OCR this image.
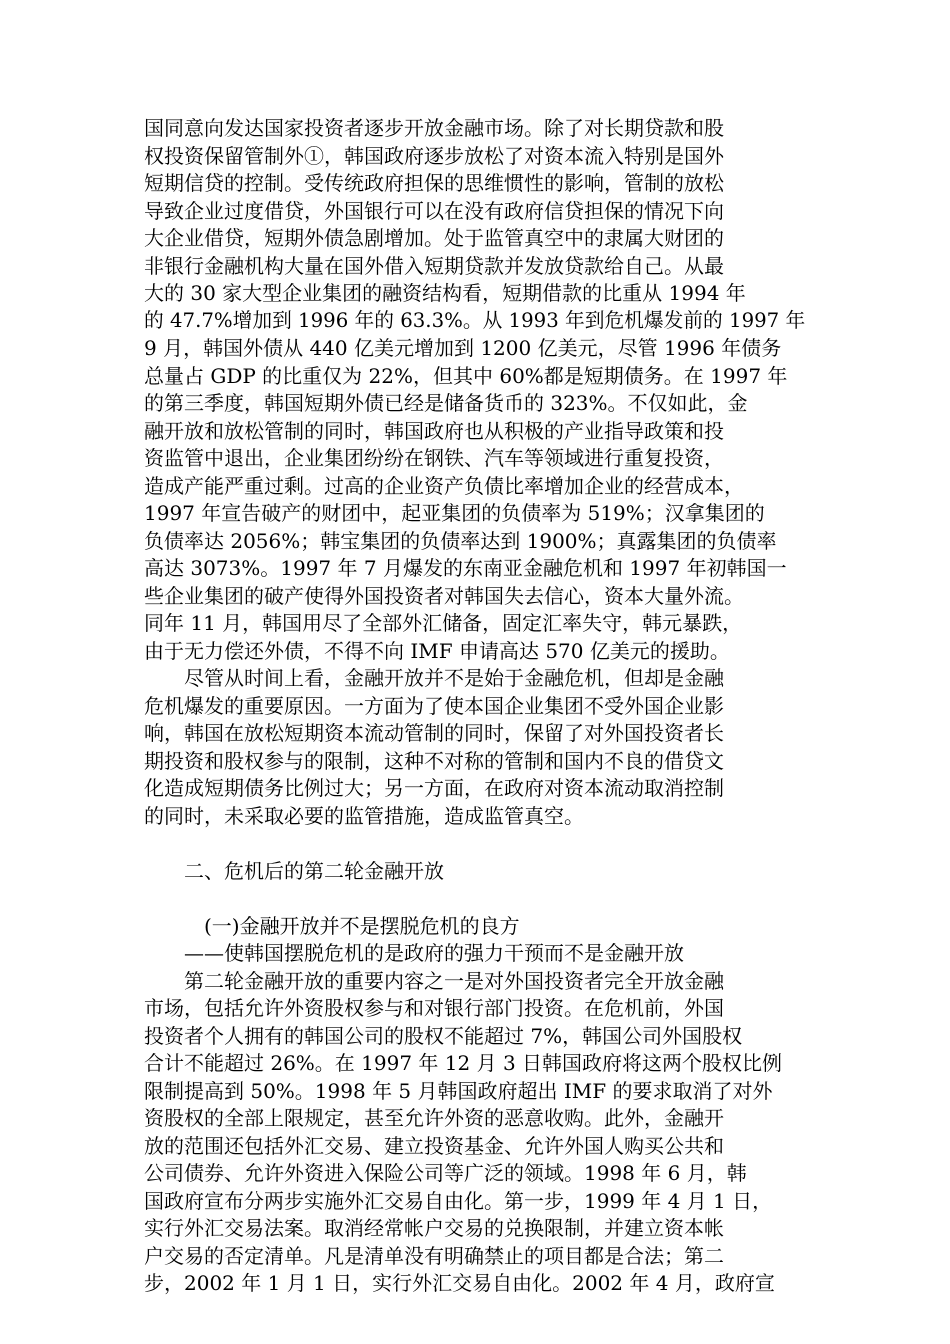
国同意向发达国家投资者逐步开放金融市场。除了对长期贷款和股

权投资保留管制外①，韩国政府逐步放松了对资本流入特别是国外

短期信贷的控制。受传统政府担保的思维惯性的影响，管制的放松

导致企业过度借贷，外国银行可以在没有政府信贷担保的情况下向

大企业借贷，短期外债急剧增加。处于监管真空中的隶属大财团的

非银行金融机构大量在国外借入短期贷款并发放贷款给自己。从最

大的 30 家大型企业集团的融资结构看，短期借款的比重从 1994 年

的 47.7%增加到 1996 年的 63.3%。从 1993 年到危机爆发前的 1997 年

9 月，韩国外债从 440 亿美元增加到 1200 亿美元，尽管 1996 年债务

总量占 GDP 的比重仅为 22%，但其中 60%都是短期债务。在 1997 年

的第三季度，韩国短期外债已经是储备货币的 323%。不仅如此，金

融开放和放松管制的同时，韩国政府也从积极的产业指导政策和投

资监管中退出，企业集团纷纷在钢铁、汽车等领域进行重复投资，

造成产能严重过剩。过高的企业资产负债比率增加企业的经营成本，

1997 年宣告破产的财团中，起亚集团的负债率为 519%；汉拿集团的

负债率达 2056%；韩宝集团的负债率达到 1900%；真露集团的负债率

高达 3073%。1997 年 7 月爆发的东南亚金融危机和 1997 年初韩国一

些企业集团的破产使得外国投资者对韩国失去信心，资本大量外流。

同年 11 月，韩国用尽了全部外汇储备，固定汇率失守，韩元暴跌，

由于无力偿还外债，不得不向 IMF 申请高达 570 亿美元的援助。

　　尽管从时间上看，金融开放并不是始于金融危机，但却是金融

危机爆发的重要原因。一方面为了使本国企业集团不受外国企业影

响，韩国在放松短期资本流动管制的同时，保留了对外国投资者长

期投资和股权参与的限制，这种不对称的管制和国内不良的借贷文

化造成短期债务比例过大；另一方面，在政府对资本流动取消控制

的同时，未采取必要的监管措施，造成监管真空。

　　二、危机后的第二轮金融开放

　　　(一)金融开放并不是摆脱危机的良方

　　——使韩国摆脱危机的是政府的强力干预而不是金融开放

　　第二轮金融开放的重要内容之一是对外国投资者完全开放金融

市场，包括允许外资股权参与和对银行部门投资。在危机前，外国

投资者个人拥有的韩国公司的股权不能超过 7%，韩国公司外国股权

合计不能超过 26%。在 1997 年 12 月 3 日韩国政府将这两个股权比例

限制提高到 50%。1998 年 5 月韩国政府超出 IMF 的要求取消了对外

资股权的全部上限规定，甚至允许外资的恶意收购。此外，金融开

放的范围还包括外汇交易、建立投资基金、允许外国人购买公共和

公司债券、允许外资进入保险公司等广泛的领域。1998 年 6 月，韩

国政府宣布分两步实施外汇交易自由化。第一步，1999 年 4 月 1 日，

实行外汇交易法案。取消经常帐户交易的兑换限制，并建立资本帐

户交易的否定清单。凡是清单没有明确禁止的项目都是合法；第二

步，2002 年 1 月 1 日，实行外汇交易自由化。2002 年 4 月，政府宣
